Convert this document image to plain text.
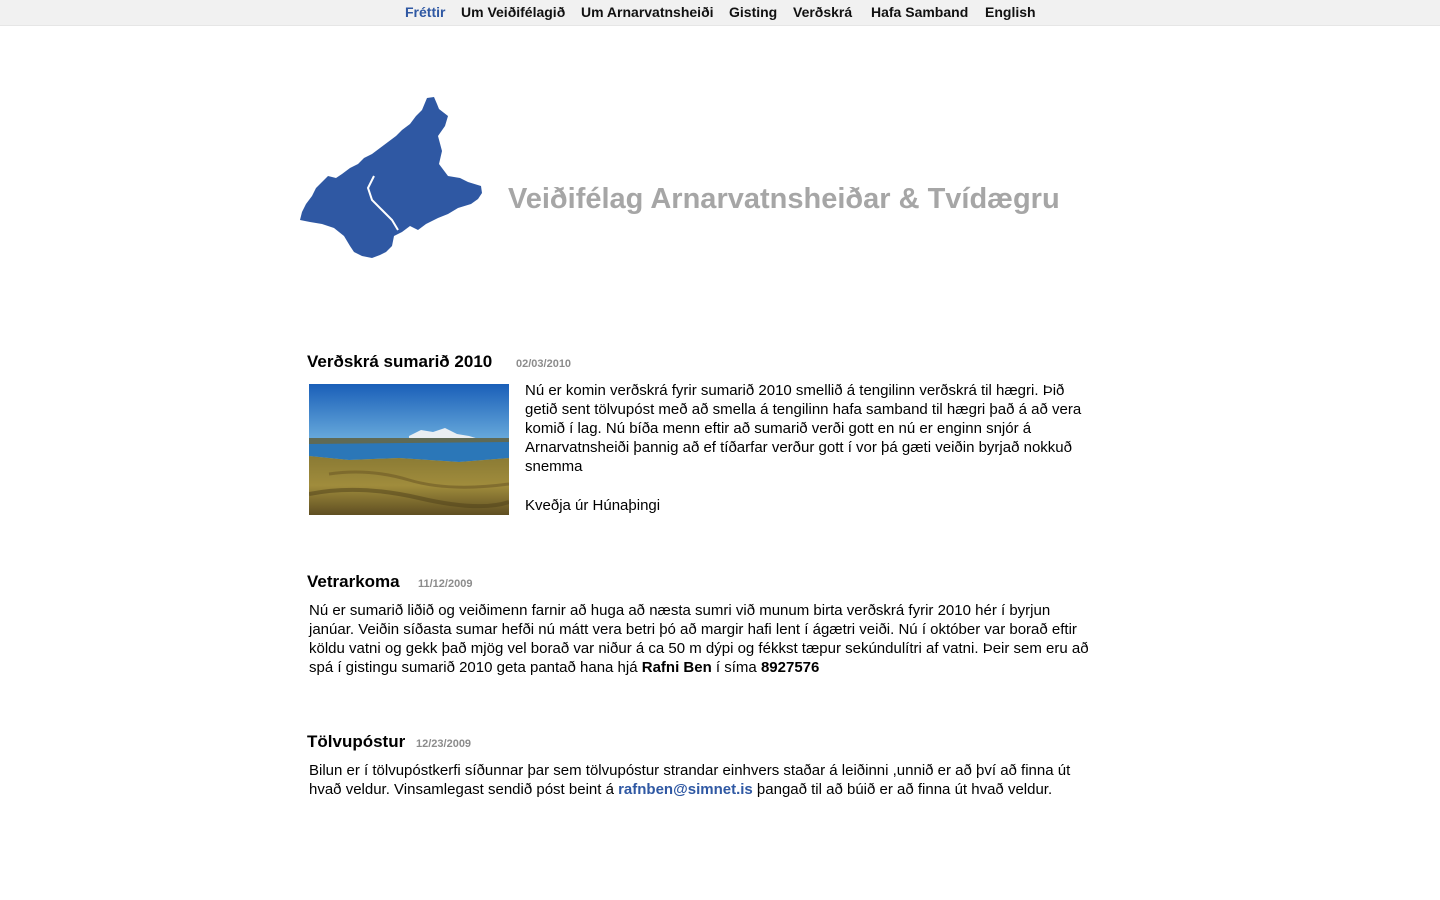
Fréttir Um Veiðifélagið Um Arnarvatnsheiði Gisting Verðskrá Hafa Samband English
Veiðifélag Arnarvatnsheiðar & Tvídægru
Verðskrá sumarið 2010 02/03/2010

Nú er komin verðskrá fyrir sumarið 2010 smellið á tengilinn verðskrá til hægri. Þið getið sent tölvupóst með að smella á tengilinn hafa samband til hægri það á að vera komið í lag. Nú bíða menn eftir að sumarið verði gott en nú er enginn snjór á Arnarvatnsheiði þannig að ef tíðarfar verður gott í vor þá gæti veiðin byrjað nokkuð snemma

Kveðja úr Húnaþingi

Vetrarkoma 11/12/2009
Nú er sumarið liðið og veiðimenn farnir að huga að næsta sumri við munum birta verðskrá fyrir 2010 hér í byrjun janúar. Veiðin síðasta sumar hefði nú mátt vera betri þó að margir hafi lent í ágætri veiði. Nú í október var borað eftir köldu vatni og gekk það mjög vel borað var niður á ca 50 m dýpi og fékkst tæpur sekúndulítri af vatni. Þeir sem eru að spá í gistingu sumarið 2010 geta pantað hana hjá Rafni Ben í síma 8927576
Tölvupóstur 12/23/2009
Bilun er í tölvupóstkerfi síðunnar þar sem tölvupóstur strandar einhvers staðar á leiðinni ,unnið er að því að finna út hvað veldur. Vinsamlegast sendið póst beint á rafnben@simnet.is þangað til að búið er að finna út hvað veldur.
